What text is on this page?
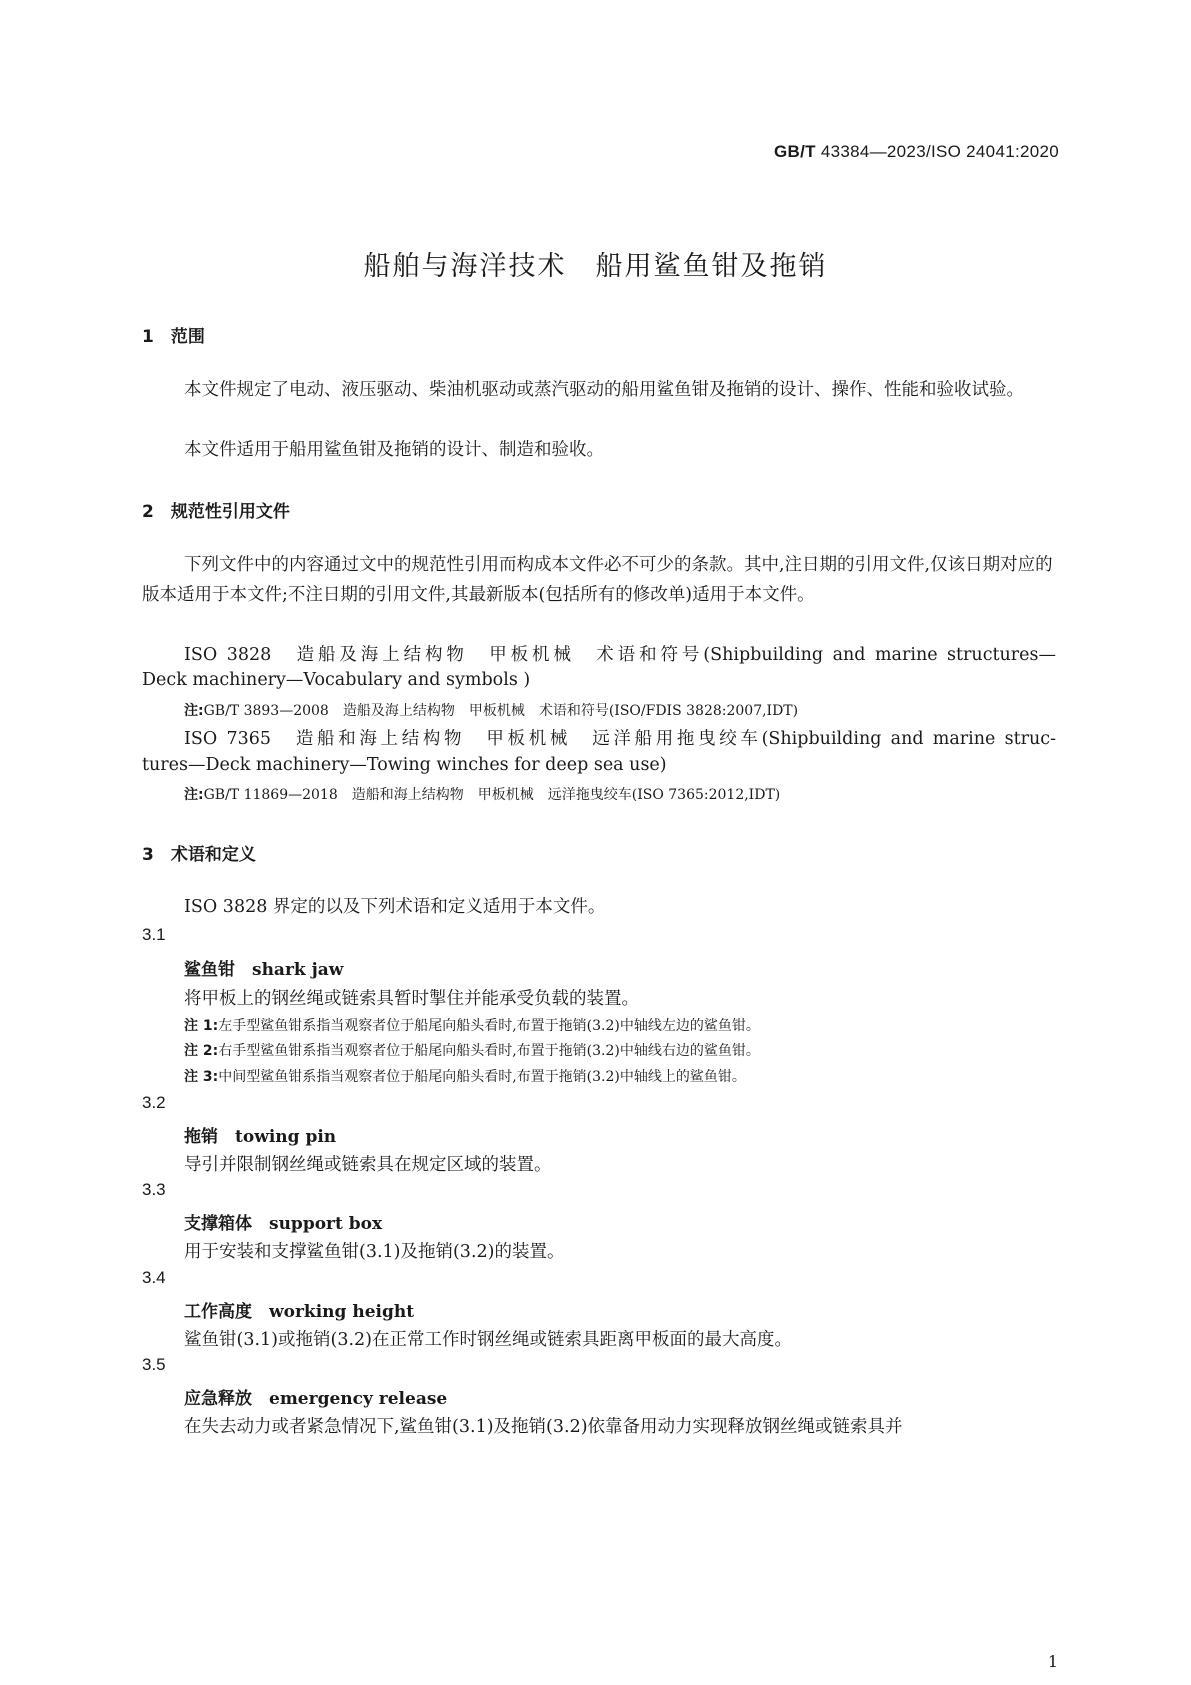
GB/T 43384—2023/ISO 24041:2020
船舶与海洋技术　船用鲨鱼钳及拖销
1　范围
本文件规定了电动、液压驱动、柴油机驱动或蒸汽驱动的船用鲨鱼钳及拖销的设计、操作、性能和验收试验。
本文件适用于船用鲨鱼钳及拖销的设计、制造和验收。
2　规范性引用文件
下列文件中的内容通过文中的规范性引用而构成本文件必不可少的条款。其中,注日期的引用文件,仅该日期对应的版本适用于本文件;不注日期的引用文件,其最新版本(包括所有的修改单)适用于本文件。
ISO 3828　造船及海上结构物　甲板机械　术语和符号(Shipbuilding and marine structures—
Deck machinery—Vocabulary and symbols )
注:GB/T 3893—2008　造船及海上结构物　甲板机械　术语和符号(ISO/FDIS 3828:2007,IDT)
ISO 7365　造船和海上结构物　甲板机械　远洋船用拖曳绞车(Shipbuilding and marine struc-
tures—Deck machinery—Towing winches for deep sea use)
注:GB/T 11869—2018　造船和海上结构物　甲板机械　远洋拖曳绞车(ISO 7365:2012,IDT)
3　术语和定义
ISO 3828 界定的以及下列术语和定义适用于本文件。
3.1
鲨鱼钳　 shark jaw
将甲板上的钢丝绳或链索具暂时掣住并能承受负载的装置。
注 1:左手型鲨鱼钳系指当观察者位于船尾向船头看时,布置于拖销(3.2)中轴线左边的鲨鱼钳。
注 2:右手型鲨鱼钳系指当观察者位于船尾向船头看时,布置于拖销(3.2)中轴线右边的鲨鱼钳。
注 3:中间型鲨鱼钳系指当观察者位于船尾向船头看时,布置于拖销(3.2)中轴线上的鲨鱼钳。
3.2
拖销　 towing pin
导引并限制钢丝绳或链索具在规定区域的装置。
3.3
支撑箱体　 support box
用于安装和支撑鲨鱼钳(3.1)及拖销(3.2)的装置。
3.4
工作高度　 working height
鲨鱼钳(3.1)或拖销(3.2)在正常工作时钢丝绳或链索具距离甲板面的最大高度。
3.5
应急释放　 emergency release
在失去动力或者紧急情况下,鲨鱼钳(3.1)及拖销(3.2)依靠备用动力实现释放钢丝绳或链索具并
1
